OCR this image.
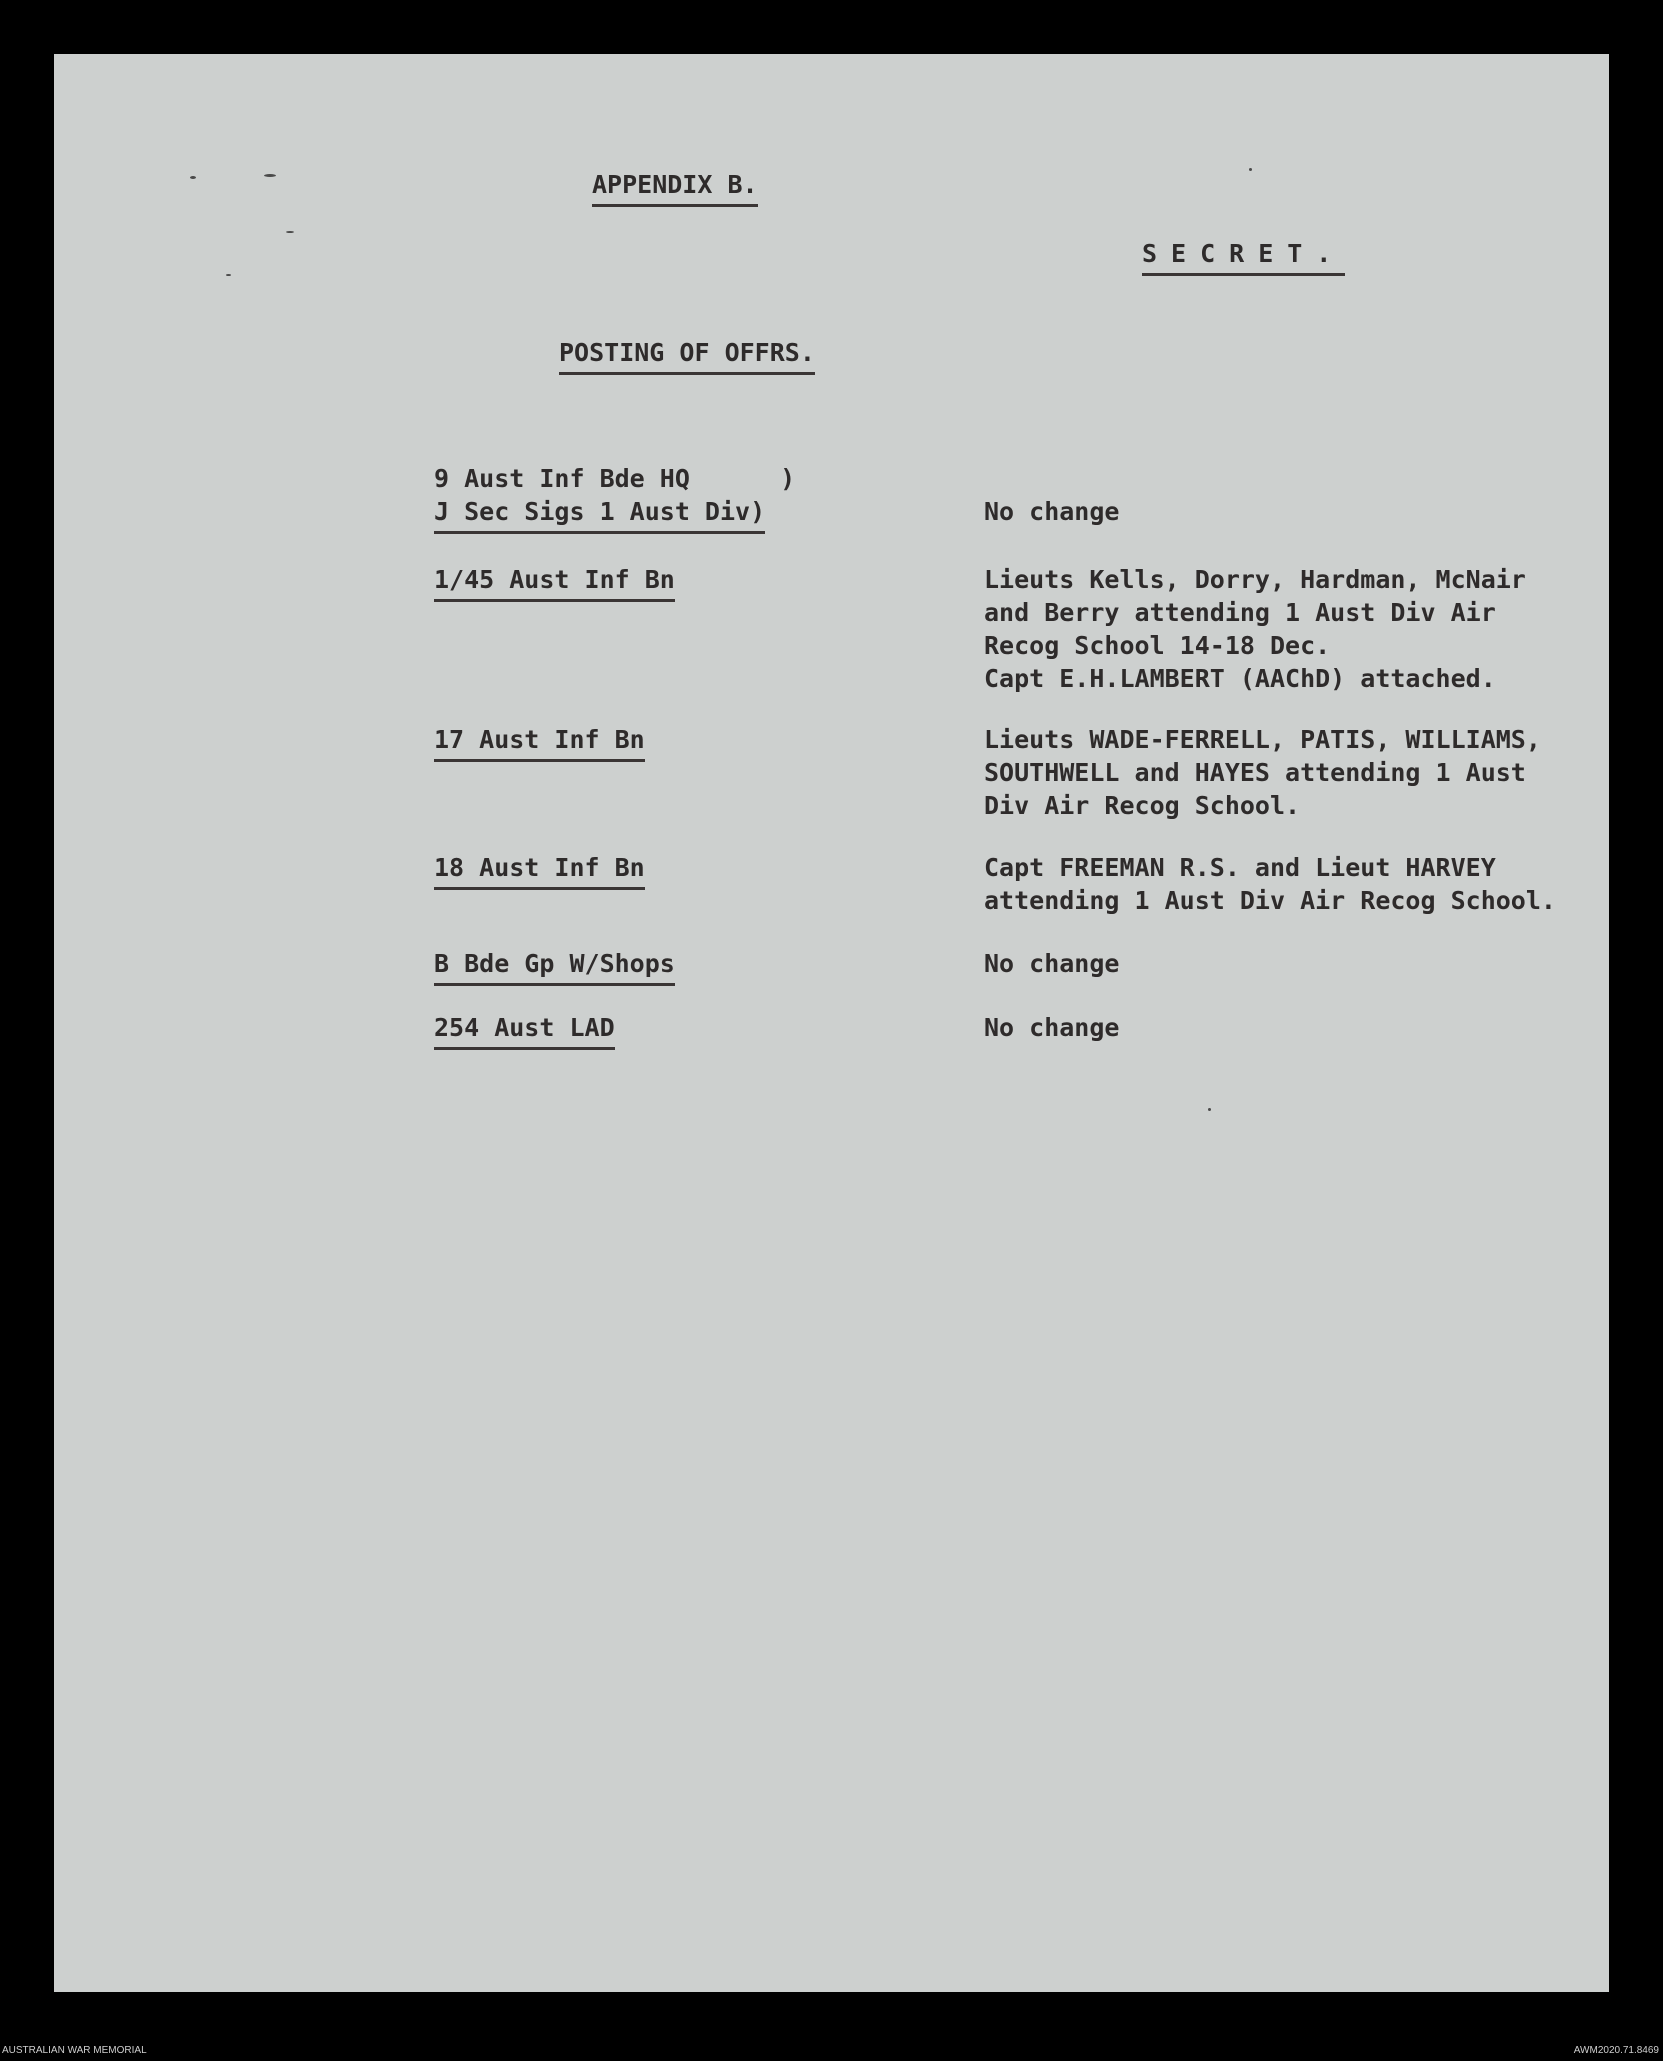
APPENDIX B.
SECRET.
POSTING OF OFFRS.
9 Aust Inf Bde HQ      )
J Sec Sigs 1 Aust Div)	No change
1/45 Aust Inf Bn	Lieuts Kells, Dorry, Hardman, McNair
and Berry attending 1 Aust Div Air
Recog School 14-18 Dec.
Capt E.H.LAMBERT (AAChD) attached.
17 Aust Inf Bn	Lieuts WADE-FERRELL, PATIS, WILLIAMS,
SOUTHWELL and HAYES attending 1 Aust
Div Air Recog School.
18 Aust Inf Bn	Capt FREEMAN R.S. and Lieut HARVEY
attending 1 Aust Div Air Recog School.
B Bde Gp W/Shops	No change
254 Aust LAD	No change
AUSTRALIAN WAR MEMORIAL	AWM2020.71.8469
